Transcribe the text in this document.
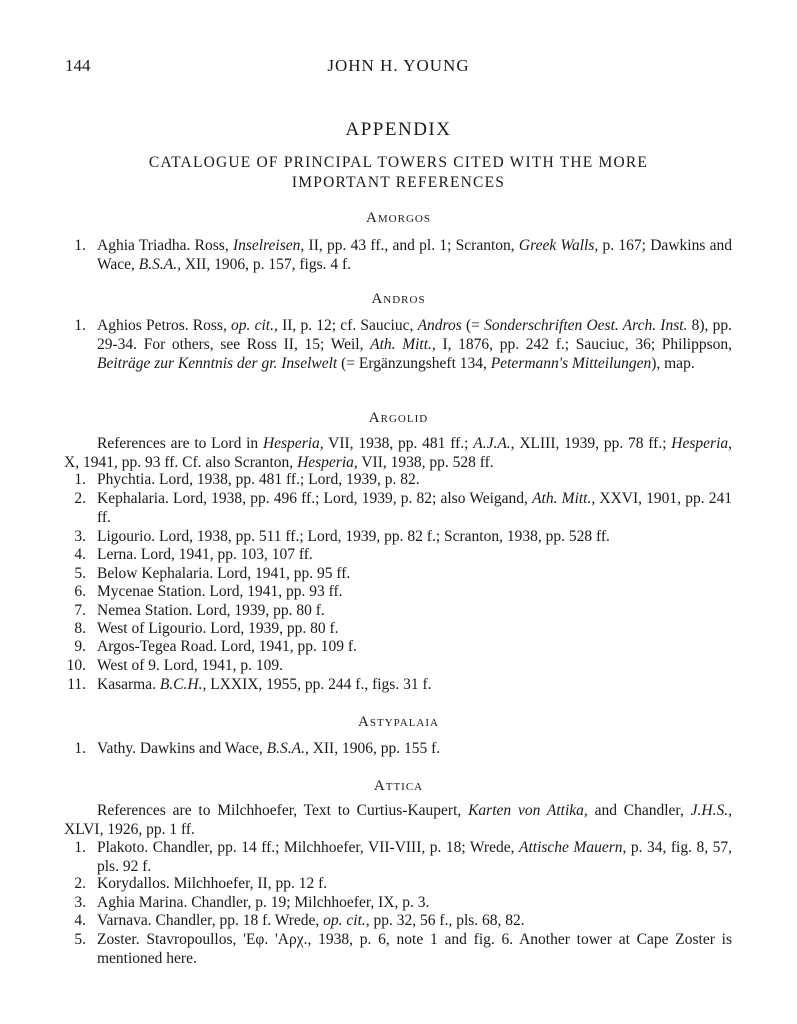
144	JOHN H. YOUNG
APPENDIX
CATALOGUE OF PRINCIPAL TOWERS CITED WITH THE MORE
IMPORTANT REFERENCES
Amorgos
1. Aghia Triadha. Ross, Inselreisen, II, pp. 43 ff., and pl. 1; Scranton, Greek Walls, p. 167; Dawkins and Wace, B.S.A., XII, 1906, p. 157, figs. 4 f.
Andros
1. Aghios Petros. Ross, op. cit., II, p. 12; cf. Sauciuc, Andros (= Sonderschriften Oest. Arch. Inst. 8), pp. 29-34. For others, see Ross II, 15; Weil, Ath. Mitt., I, 1876, pp. 242 f.; Sauciuc, 36; Philippson, Beiträge zur Kenntnis der gr. Inselwelt (= Ergänzungsheft 134, Petermann's Mitteilungen), map.
Argolid
References are to Lord in Hesperia, VII, 1938, pp. 481 ff.; A.J.A., XLIII, 1939, pp. 78 ff.; Hesperia, X, 1941, pp. 93 ff. Cf. also Scranton, Hesperia, VII, 1938, pp. 528 ff.
1. Phychtia. Lord, 1938, pp. 481 ff.; Lord, 1939, p. 82.
2. Kephalaria. Lord, 1938, pp. 496 ff.; Lord, 1939, p. 82; also Weigand, Ath. Mitt., XXVI, 1901, pp. 241 ff.
3. Ligourio. Lord, 1938, pp. 511 ff.; Lord, 1939, pp. 82 f.; Scranton, 1938, pp. 528 ff.
4. Lerna. Lord, 1941, pp. 103, 107 ff.
5. Below Kephalaria. Lord, 1941, pp. 95 ff.
6. Mycenae Station. Lord, 1941, pp. 93 ff.
7. Nemea Station. Lord, 1939, pp. 80 f.
8. West of Ligourio. Lord, 1939, pp. 80 f.
9. Argos-Tegea Road. Lord, 1941, pp. 109 f.
10. West of 9. Lord, 1941, p. 109.
11. Kasarma. B.C.H., LXXIX, 1955, pp. 244 f., figs. 31 f.
Astypalaia
1. Vathy. Dawkins and Wace, B.S.A., XII, 1906, pp. 155 f.
Attica
References are to Milchhoefer, Text to Curtius-Kaupert, Karten von Attika, and Chandler, J.H.S., XLVI, 1926, pp. 1 ff.
1. Plakoto. Chandler, pp. 14 ff.; Milchhoefer, VII-VIII, p. 18; Wrede, Attische Mauern, p. 34, fig. 8, 57, pls. 92 f.
2. Korydallos. Milchhoefer, II, pp. 12 f.
3. Aghia Marina. Chandler, p. 19; Milchhoefer, IX, p. 3.
4. Varnava. Chandler, pp. 18 f. Wrede, op. cit., pp. 32, 56 f., pls. 68, 82.
5. Zoster. Stavropoullos, 'Εφ. 'Αρχ., 1938, p. 6, note 1 and fig. 6. Another tower at Cape Zoster is mentioned here.
